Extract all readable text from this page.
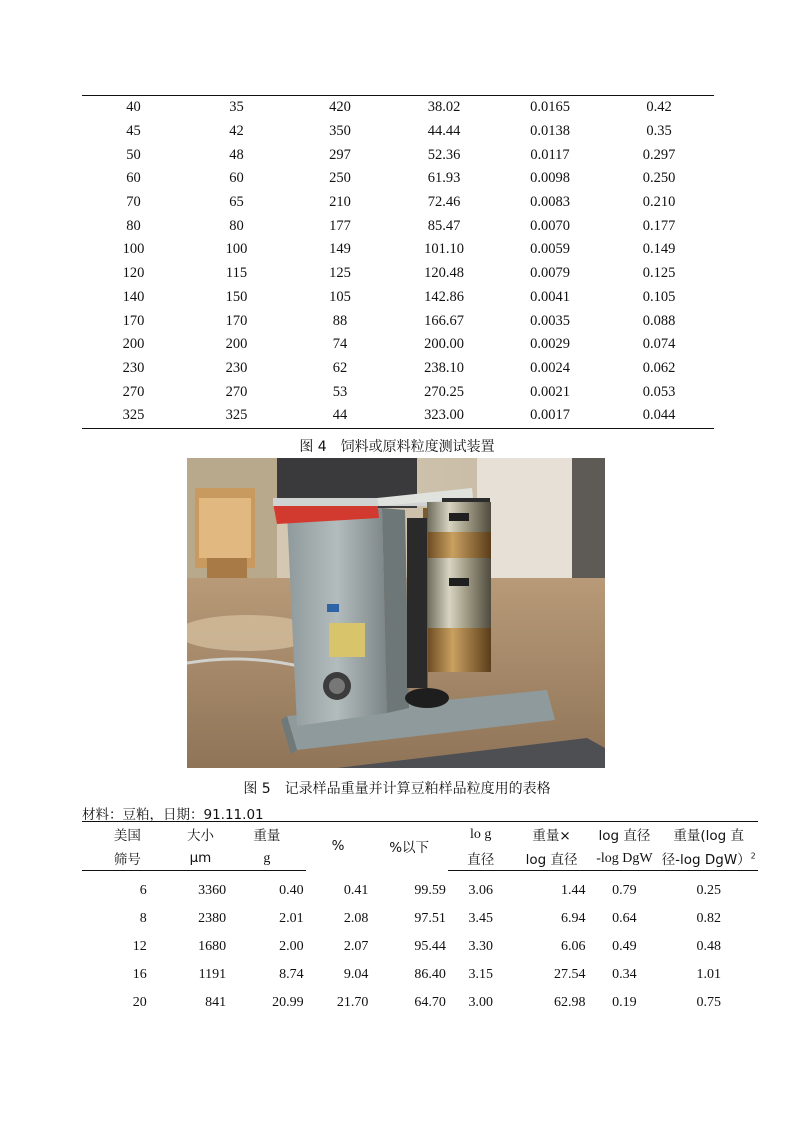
40	35	420	38.02	0.0165	0.42
45	42	350	44.44	0.0138	0.35
50	48	297	52.36	0.0117	0.297
60	60	250	61.93	0.0098	0.250
70	65	210	72.46	0.0083	0.210
80	80	177	85.47	0.0070	0.177
100	100	149	101.10	0.0059	0.149
120	115	125	120.48	0.0079	0.125
140	150	105	142.86	0.0041	0.105
170	170	88	166.67	0.0035	0.088
200	200	74	200.00	0.0029	0.074
230	230	62	238.10	0.0024	0.062
270	270	53	270.25	0.0021	0.053
325	325	44	323.00	0.0017	0.044
图 4　饲料或原料粒度测试装置
图 5　记录样品重量并计算豆粕样品粒度用的表格
材料：豆粕，日期：91.11.01
美国	大小	重量	%	%以下	lo g	重量×	log 直径	重量(log 直
筛号	μm	g			直径	log 直径	-log DgW	径-log DgW）$^2$
6	3360	0.40	0.41	99.59	3.06	1.44	0.79	0.25
8	2380	2.01	2.08	97.51	3.45	6.94	0.64	0.82
12	1680	2.00	2.07	95.44	3.30	6.06	0.49	0.48
16	1191	8.74	9.04	86.40	3.15	27.54	0.34	1.01
20	841	20.99	21.70	64.70	3.00	62.98	0.19	0.75
